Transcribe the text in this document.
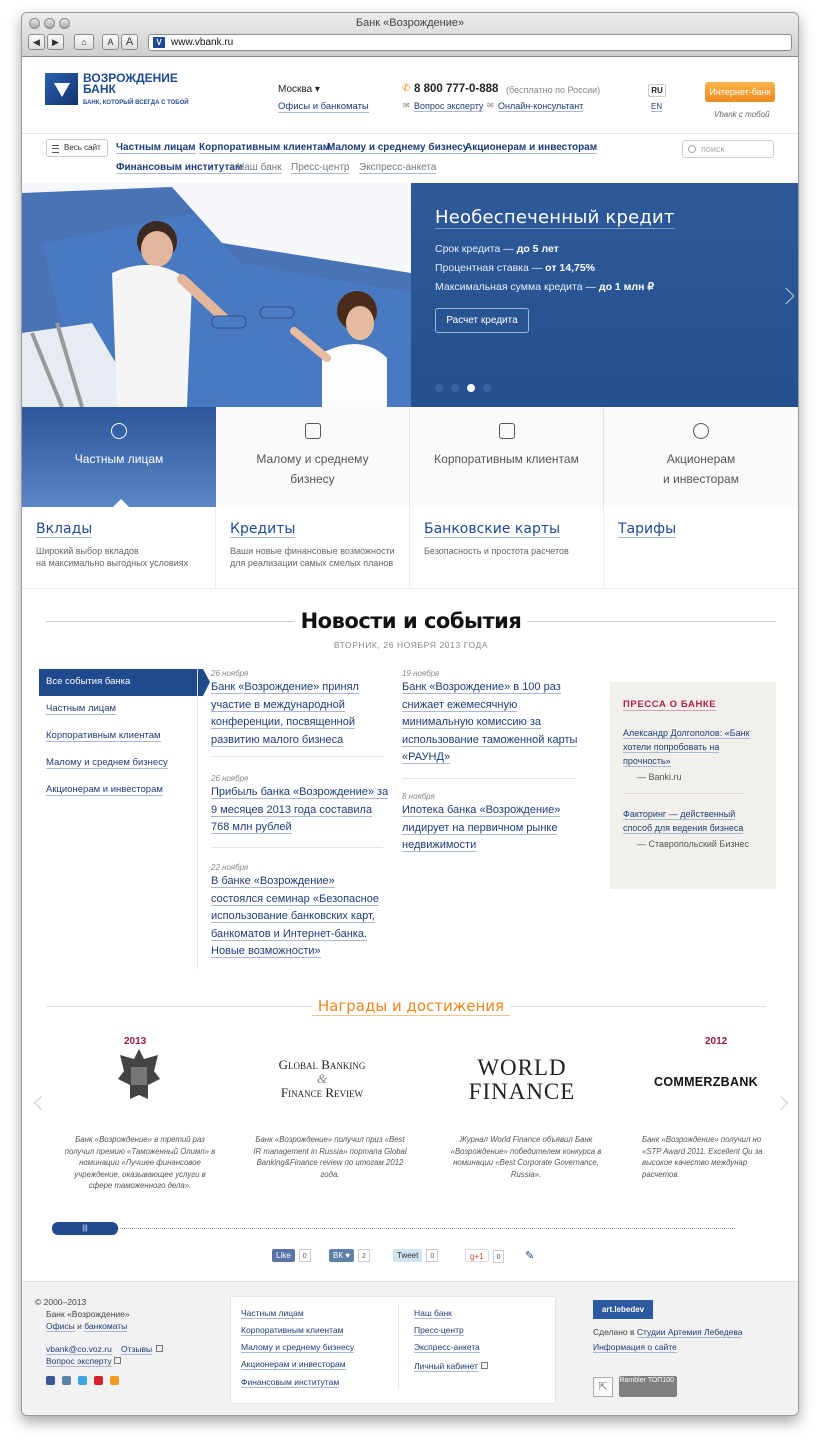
Банк «Возрождение»
◀	▶	⌂	A	A	V www.vbank.ru
ВОЗРОЖДЕНИЕ
БАНК
БАНК, КОТОРЫЙ ВСЕГДА С ТОБОЙ
Москва ▾
Офисы и банкоматы
✆ 8 800 777-0-888 (бесплатно по России)
✉ Вопрос эксперту ✉ Онлайн-консультант
RU
EN
Интернет-банк
Vbank с тобой
Весь сайт	Частным лицам Корпоративным клиентам
Малому и среднему бизнесу
Акционерам и инвесторам
Финансовым институтам
Наш банк Пресс-центр Экспресс-анкета
поиск
Необеспеченный кредит
Срок кредита — до 5 лет
Процентная ставка — от 14,75%
Максимальная сумма кредита — до 1 млн ₽
Расчет кредита
Частным лицам	Малому и среднему
бизнесу
Корпоративным клиентам	Акционерам
и инвесторам
Вклады
Широкий выбор вкладов
на максимально выгодных условиях
Кредиты
Ваши новые финансовые возможности
для реализации самых смелых планов
Банковские карты
Безопасность и простота расчетов
Тарифы
Новости и события
ВТОРНИК, 26 НОЯБРЯ 2013 ГОДА
Все события банка
Частным лицам
Корпоративным клиентам
Малому и среднем бизнесу
Акционерам и инвесторам
26 ноября
Банк «Возрождение» принял участие в международной конференции, посвященной развитию малого бизнеса
26 ноября
Прибыль банка «Возрождение» за 9 месяцев 2013 года составила 768 млн рублей
22 ноября
В банке «Возрождение» состоялся семинар «Безопасное использование банковских карт, банкоматов и Интернет-банка. Новые возможности»
19 ноября
Банк «Возрождение» в 100 раз снижает ежемесячную минимальную комиссию за использование таможенной карты «РАУНД»
8 ноября
Ипотека банка «Возрождение» лидирует на первичном рынке недвижимости
ПРЕССА О БАНКЕ
Александр Долгополов: «Банк хотели попробовать на прочность»
— Banki.ru
Факторинг — действенный способ для ведения бизнеса
— Ставропольский Бизнес
Награды и достижения
2013
Банк «Возрождение» в третий раз получил премию «Таможенный Олимп» в номинации «Лучшее финансовое учреждение, оказывающее услуги в сфере таможенного дела».
Global Banking
&
Finance Review
Банк «Возрождение» получил приз «Best IR management in Russia» портала Global Banking&Finance review по итогам 2012 года.
WORLD
FINANCE
Журнал World Finance объявил Банк «Возрождение» победителем конкурса в номинации «Best Corporate Governance, Russia».
2012
COMMERZBANK
Банк «Возрождение» получил но «STP Award 2011. Excellent Qu за высокое качество междунар расчетов.
|||
Like 0	ВК ♥ 2	Tweet 0	g+1 0	✎
© 2000–2013
Банк «Возрождение»
Офисы и банкоматы
vbank@co.voz.ru Отзывы
Вопрос эксперту
Частным лицам
Корпоративным клиентам
Малому и среднему бизнесу
Акционерам и инвесторам
Финансовым институтам
Наш банк
Пресс-центр
Экспресс-анкета
Личный кабинет
art.lebedev
Сделано в Студии Артемия Лебедева
Информация о сайте
⇱
Rambler ТОП100
